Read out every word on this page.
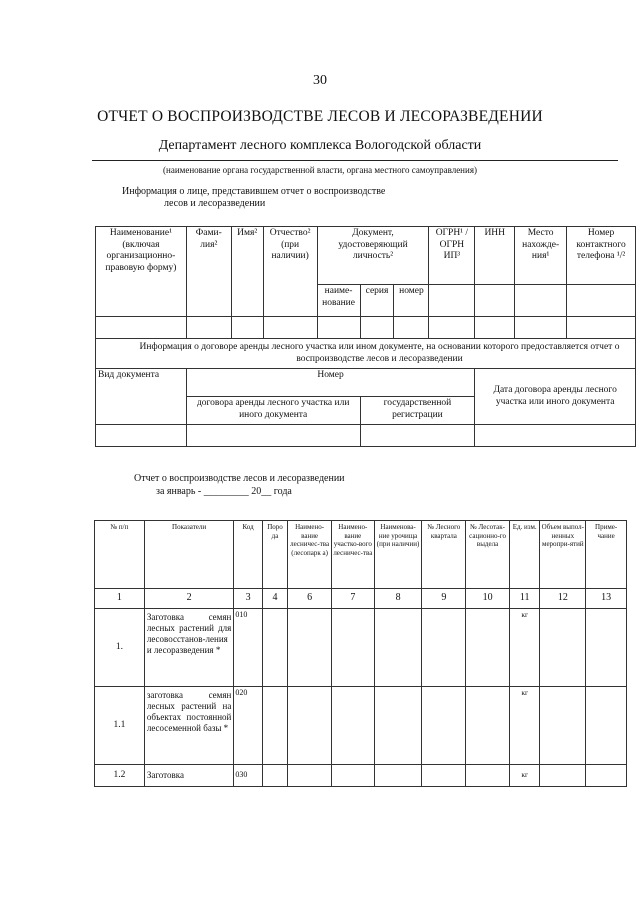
30
ОТЧЕТ О ВОСПРОИЗВОДСТВЕ ЛЕСОВ И ЛЕСОРАЗВЕДЕНИИ
Департамент лесного комплекса Вологодской области
(наименование органа государственной власти, органа местного самоуправления)
Информация о лице, представившем отчет о воспроизводстве
лесов и лесоразведении
Наименование¹ (включая организационно-правовую форму)	Фами-лия²	Имя²	Отчество² (при наличии)	Документ, удостоверяющий личность²			ОГРН¹ /ОГРН ИП³	ИНН	Место нахожде-ния¹	Номер контактного телефона ¹/²
				наиме-нование	серия	номер				

Информация о договоре аренды лесного участка или ином документе, на основании которого предоставляется отчет о воспроизводстве лесов и лесоразведении										
Вид документа	Номер							Дата договора аренды лесного участка или иного документа		
	договора аренды лесного участка или иного документа				государственной регистрации					

Отчет о воспроизводстве лесов и лесоразведении
за январь - _________ 20__ года
№ п/п	Показатели	Код	Поро да	Наимено-вание лесничес-тва (лесопарк а)	Наимено-вание участко-вого лесничес-тва	Наименова-ние урочища (при наличии)	№ Лесного квартала	№ Лесотак-сационно-го выдела	Ед. изм.	Объем выпол-ненных меропри-ятий	Приме-чание
1	2	3	4	6	7	8	9	10	11	12	13
1.	Заготовка семян лесных растений для лесовосстанов-ления и лесоразведения *	010							кг		
1.1	заготовка семян лесных растений на объектах постоянной лесосеменной базы *	020							кг		
1.2	Заготовка	030							кг		
